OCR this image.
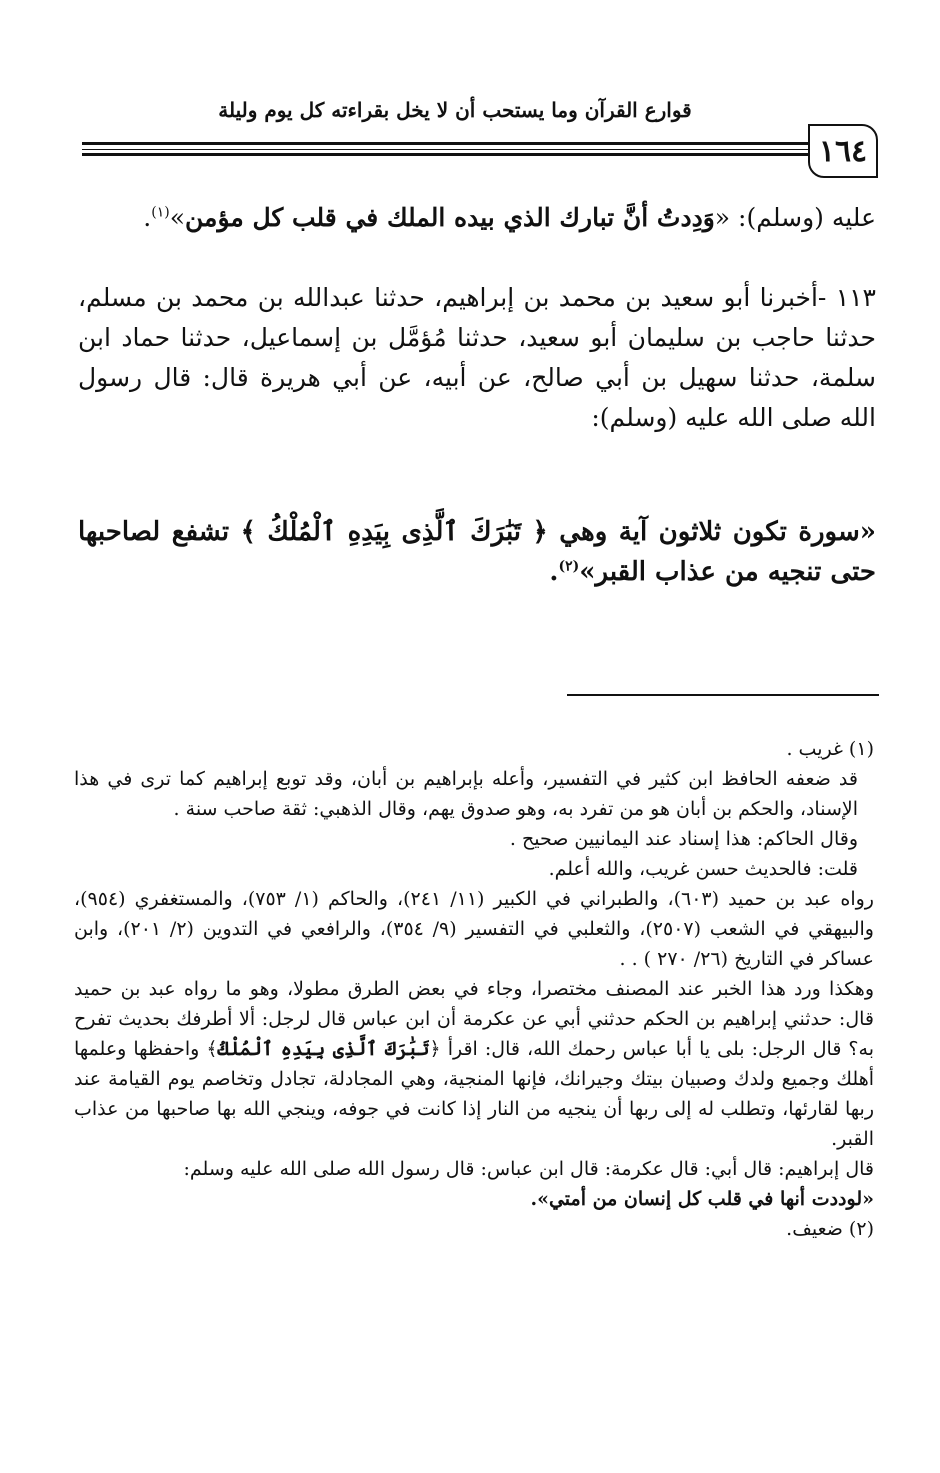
قوارع القرآن وما يستحب أن لا يخل بقراءته كل يوم وليلة
١٦٤

عليه (وسلم): «وَدِدتُ أنَّ تبارك الذي بيده الملك في قلب كل مؤمن»$^{(١)}$.

١١٣ -أخبرنا أبو سعيد بن محمد بن إبراهيم، حدثنا عبدالله بن محمد بن مسلم، حدثنا حاجب بن سليمان أبو سعيد، حدثنا مُؤمَّل بن إسماعيل، حدثنا حماد ابن سلمة، حدثنا سهيل بن أبي صالح، عن أبيه، عن أبي هريرة قال: قال رسول الله صلى الله عليه (وسلم):

«سورة تكون ثلاثون آية وهي ﴿ تَبَٰرَكَ ٱلَّذِى بِيَدِهِ ٱلْمُلْكُ ﴾ تشفع لصاحبها حتى تنجيه من عذاب القبر»$^{(٢)}$.

(١) غريب .

قد ضعفه الحافظ ابن كثير في التفسير، وأعله بإبراهيم بن أبان، وقد توبع إبراهيم كما ترى في هذا الإسناد، والحكم بن أبان هو من تفرد به، وهو صدوق يهم، وقال الذهبي: ثقة صاحب سنة .

وقال الحاكم: هذا إسناد عند اليمانيين صحيح .

قلت: فالحديث حسن غريب، والله أعلم.

رواه عبد بن حميد (٦٠٣)، والطبراني في الكبير (١١/ ٢٤١)، والحاكم (١/ ٧٥٣)، والمستغفري (٩٥٤)، والبيهقي في الشعب (٢٥٠٧)، والثعلبي في التفسير (٩/ ٣٥٤)، والرافعي في التدوين (٢/ ٢٠١)، وابن عساكر في التاريخ (٢٦/ ٢٧٠ ) . .

وهكذا ورد هذا الخبر عند المصنف مختصرا، وجاء في بعض الطرق مطولا، وهو ما رواه عبد بن حميد قال: حدثني إبراهيم بن الحكم حدثني أبي عن عكرمة أن ابن عباس قال لرجل: ألا أطرفك بحديث تفرح به؟ قال الرجل: بلى يا أبا عباس رحمك الله، قال: اقرأ ﴿تَبَٰرَكَ ٱلَّذِى بِيَدِهِ ٱلْمُلْكُ﴾ واحفظها وعلمها أهلك وجميع ولدك وصبيان بيتك وجيرانك، فإنها المنجية، وهي المجادلة، تجادل وتخاصم يوم القيامة عند ربها لقارئها، وتطلب له إلى ربها أن ينجيه من النار إذا كانت في جوفه، وينجي الله بها صاحبها من عذاب القبر.

قال إبراهيم: قال أبي: قال عكرمة: قال ابن عباس: قال رسول الله صلى الله عليه وسلم:

«لوددت أنها في قلب كل إنسان من أمتي».

(٢) ضعيف.
